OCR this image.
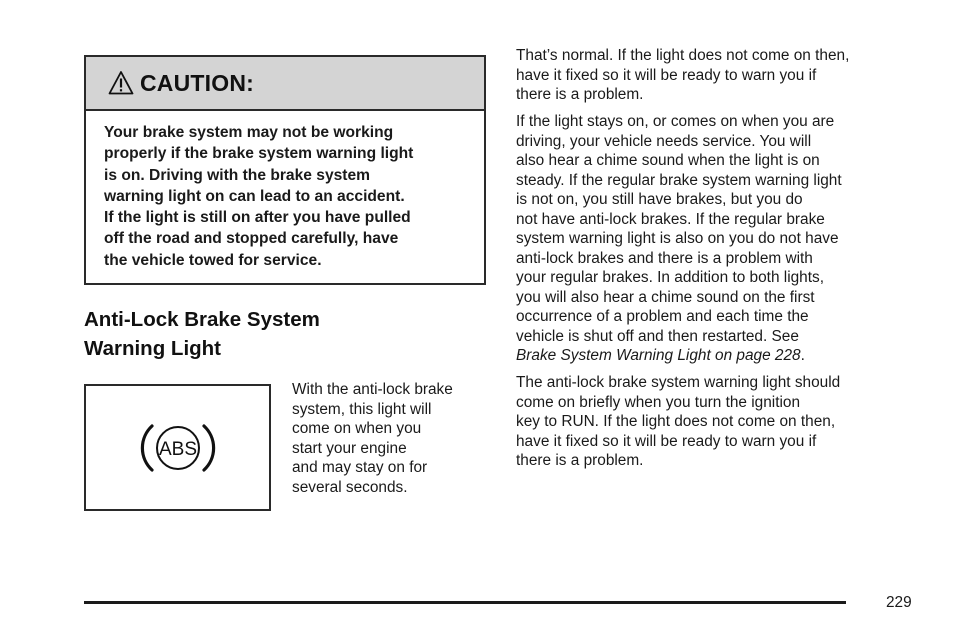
CAUTION:
Your brake system may not be working
properly if the brake system warning light
is on. Driving with the brake system
warning light on can lead to an accident.
If the light is still on after you have pulled
off the road and stopped carefully, have
the vehicle towed for service.
Anti-Lock Brake System
Warning Light
ABS
With the anti-lock brake
system, this light will
come on when you
start your engine
and may stay on for
several seconds.

That’s normal. If the light does not come on then,
have it fixed so it will be ready to warn you if
there is a problem.

If the light stays on, or comes on when you are
driving, your vehicle needs service. You will
also hear a chime sound when the light is on
steady. If the regular brake system warning light
is not on, you still have brakes, but you do
not have anti-lock brakes. If the regular brake
system warning light is also on you do not have
anti-lock brakes and there is a problem with
your regular brakes. In addition to both lights,
you will also hear a chime sound on the first
occurrence of a problem and each time the
vehicle is shut off and then restarted. See
Brake System Warning Light on page 228.

The anti-lock brake system warning light should
come on briefly when you turn the ignition
key to RUN. If the light does not come on then,
have it fixed so it will be ready to warn you if
there is a problem.

229
